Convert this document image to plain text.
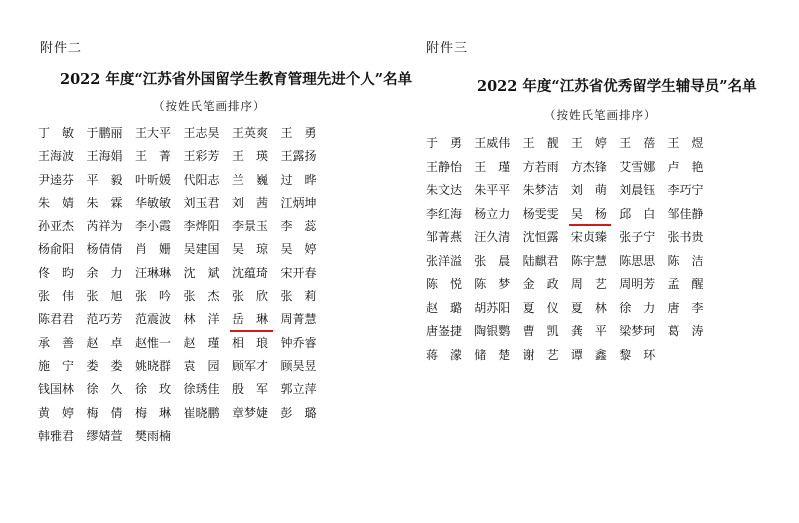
附件二
2022 年度“江苏省外国留学生教育管理先进个人”名单
（按姓氏笔画排序）
丁　敏	于鹏丽	王大平	王志昊	王英爽	王　勇
王海波	王海娟	王　菁	王彩芳	王　瑛	王露扬
尹逵芬	平　毅	叶昕媛	代阳志	兰　巍	过　晔
朱　婧	朱　霖	华敏敏	刘玉君	刘　茜	江炳坤
孙亚杰	芮祥为	李小霞	李烨阳	李景玉	李　蕊
杨俞阳	杨倩倩	肖　姗	吴建国	吴　琼	吴　婷
佟　昀	余　力	汪琳琳	沈　斌	沈蕴琦	宋开春
张　伟	张　旭	张　吟	张　杰	张　欣	张　莉
陈君君	范巧芳	范震波	林　洋	岳　琳	周菁慧
承　善	赵　卓	赵惟一	赵　瑾	相　琅	钟乔睿
施　宁	娄　娄	姚晓群	袁　园	顾军才	顾昊昱
钱国林	徐　久	徐　玫	徐琇佳	殷　军	郭立萍
黄　婷	梅　倩	梅　琳	崔晓鹏	章梦婕	彭　璐
韩雅君	缪婧萱	樊雨楠
附件三
2022 年度“江苏省优秀留学生辅导员”名单
（按姓氏笔画排序）
于　勇	王威伟	王　靓	王　婷	王　蓓	王　煜
王静怡	王　瑾	方若雨	方杰锋	艾雪娜	卢　艳
朱文达	朱平平	朱梦洁	刘　萌	刘晨钰	李巧宁
李红海	杨立力	杨雯雯	吴　杨	邱　白	邹佳静
邹菁燕	汪久清	沈恒露	宋贞臻	张子宁	张书贵
张洋溢	张　晨	陆麒君	陈宇慧	陈思思	陈　洁
陈　悦	陈　梦	金　政	周　艺	周明芳	孟　醒
赵　璐	胡苏阳	夏　仪	夏　林	徐　力	唐　李
唐崟捷	陶银鹦	曹　凯	龚　平	梁梦珂	葛　涛
蒋　濛	储　楚	谢　艺	谭　鑫	黎　环
